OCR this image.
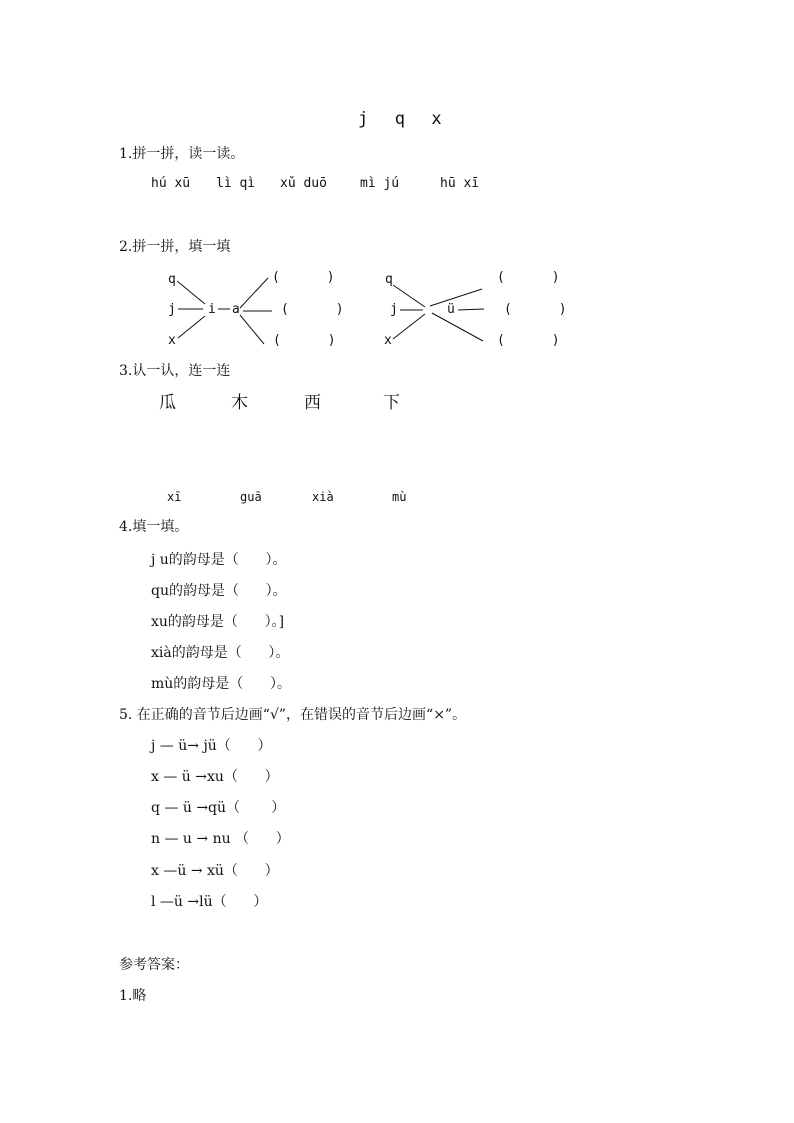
j  q  x
1.拼一拼，读一读。
hú xū lì qì xǔ duō	mì jú	hū xī
2.拼一拼，填一填
q
j
x
i a
(      )
(      )
(      )
q
j
x
ü
(      )
(      )
(      )
3.认一认，连一连
瓜	木	西	下
xī	guā	xià	mù
4.填一填。
j u的韵母是（      ）。
qu的韵母是（      ）。
xu的韵母是（      ）。]
xià的韵母是（      ）。
mù的韵母是（      ）。
5. 在正确的音节后边画“√”，在错误的音节后边画“×”。
j — ü→ jü（      ）
x — ü →xu（      ）
q — ü →qü（       ）
n — u → nu （      ）
x —ü → xü（      ）
l —ü →lü（      ）
参考答案：
1.略
